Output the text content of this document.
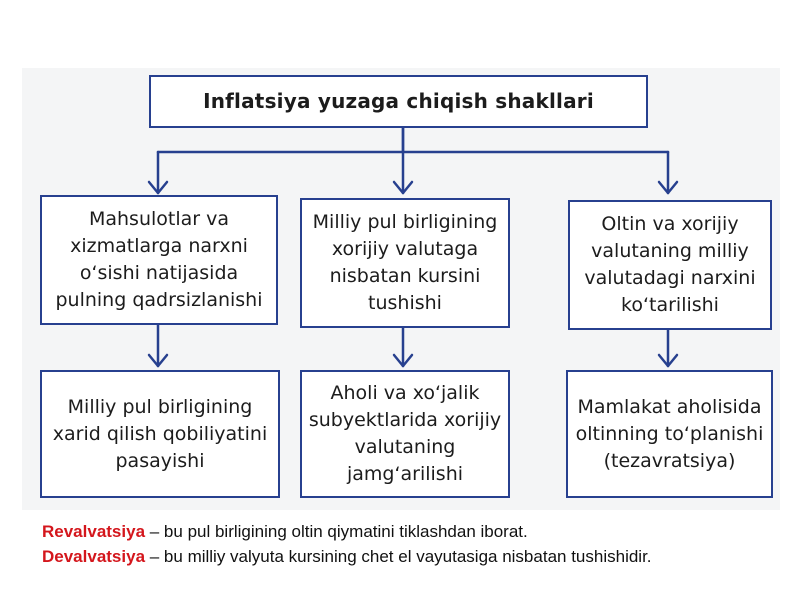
Inflatsiya yuzaga chiqish shakllari
Mahsulotlar va xizmatlarga narxni o‘sishi natijasida pulning qadrsizlanishi
Milliy pul birligining xorijiy valutaga nisbatan kursini tushishi
Oltin va xorijiy valutaning milliy valutadagi narxini ko‘tarilishi
Milliy pul birligining xarid qilish qobiliyatini pasayishi
Aholi va xo‘jalik subyektlarida xorijiy valutaning jamg‘arilishi
Mamlakat aholisida oltinning to‘planishi (tezavratsiya)
Revalvatsiya – bu pul birligining oltin qiymatini tiklashdan iborat.
Devalvatsiya – bu milliy valyuta kursining chet el vayutasiga nisbatan tushishidir.
